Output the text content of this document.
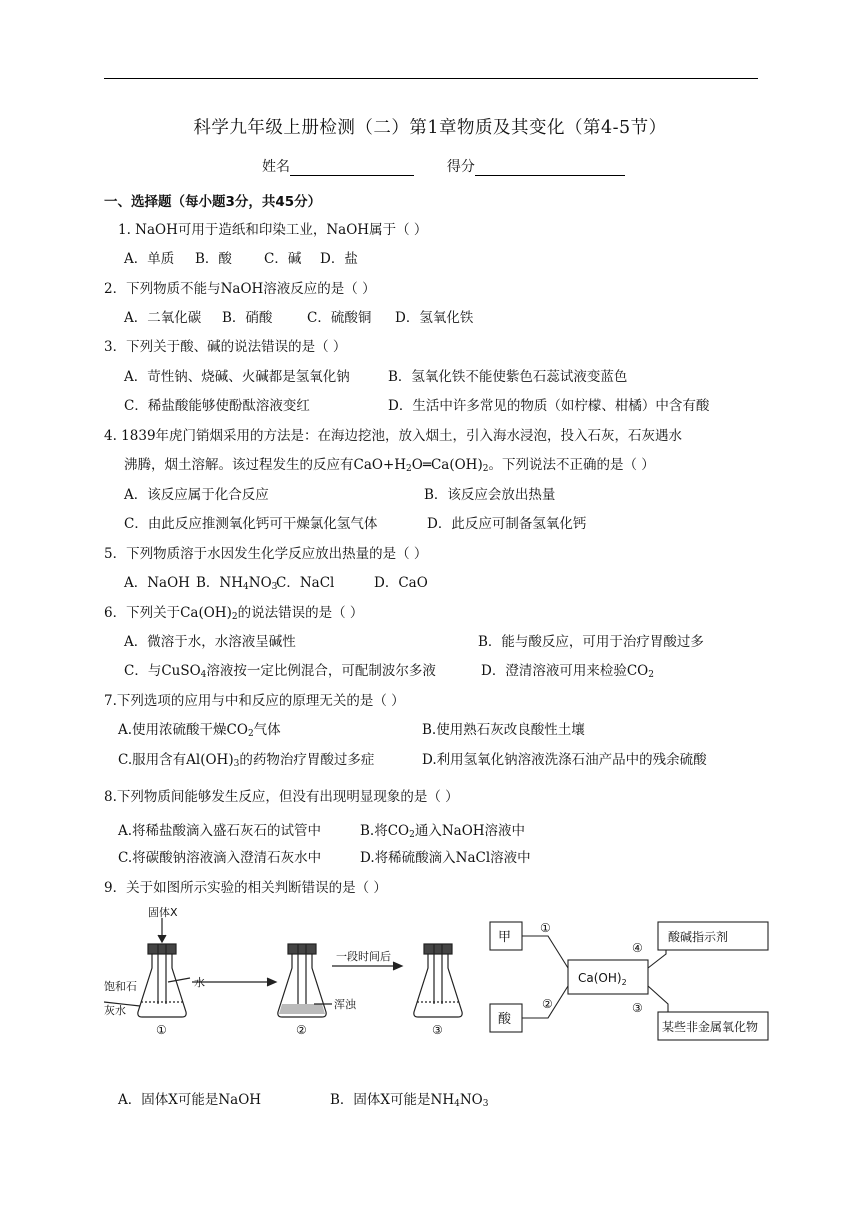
科学九年级上册检测（二）第1章物质及其变化（第4-5节）
姓名	得分
一、选择题（每小题3分，共45分）
1. NaOH可用于造纸和印染工业，NaOH属于（ ）
A．单质 B．酸 C．碱 D．盐
2．下列物质不能与NaOH溶液反应的是（ ）
A．二氧化碳 B．硝酸	C．硫酸铜 D．氢氧化铁
3．下列关于酸、碱的说法错误的是（ ）
A．苛性钠、烧碱、火碱都是氢氧化钠	B．氢氧化铁不能使紫色石蕊试液变蓝色
C．稀盐酸能够使酚酞溶液变红	D．生活中许多常见的物质（如柠檬、柑橘）中含有酸
4. 1839年虎门销烟采用的方法是：在海边挖池，放入烟土，引入海水浸泡，投入石灰，石灰遇水
沸腾，烟土溶解。该过程发生的反应有$CaO+H_2O═Ca(OH)_2$。下列说法不正确的是（ ）
A．该反应属于化合反应	B．该反应会放出热量
C．由此反应推测氧化钙可干燥氯化氢气体	D．此反应可制备氢氧化钙
5．下列物质溶于水因发生化学反应放出热量的是（ ）
A．NaOH B．$NH_4NO_3$
C．NaCl	D．CaO
6．下列关于$Ca(OH)_2$的说法错误的是（ ）
A．微溶于水，水溶液呈碱性	B．能与酸反应，可用于治疗胃酸过多
C．与CuSO$_4$溶液按一定比例混合，可配制波尔多液	D．澄清溶液可用来检验$CO_2$
7.下列选项的应用与中和反应的原理无关的是（ ）
A.使用浓硫酸干燥$CO_2$气体	B.使用熟石灰改良酸性土壤
C.服用含有$Al(OH)_3$的药物治疗胃酸过多症	D.利用氢氧化钠溶液洗涤石油产品中的残余硫酸
8.下列物质间能够发生反应，但没有出现明显现象的是（ ）
A.将稀盐酸滴入盛石灰石的试管中	B.将$CO_2$通入NaOH溶液中
C.将碳酸钠溶液滴入澄清石灰水中	D.将稀硫酸滴入NaCl溶液中
9．关于如图所示实验的相关判断错误的是（ ）
固体X
饱和石
灰水
水
一段时间后
浑浊
①	②	③
甲
酸
$Ca(OH)_2$
酸碱指示剂
某些非金属氧化物
①
②
④
③
A．固体X可能是NaOH	B．固体X可能是$NH_4NO_3$
